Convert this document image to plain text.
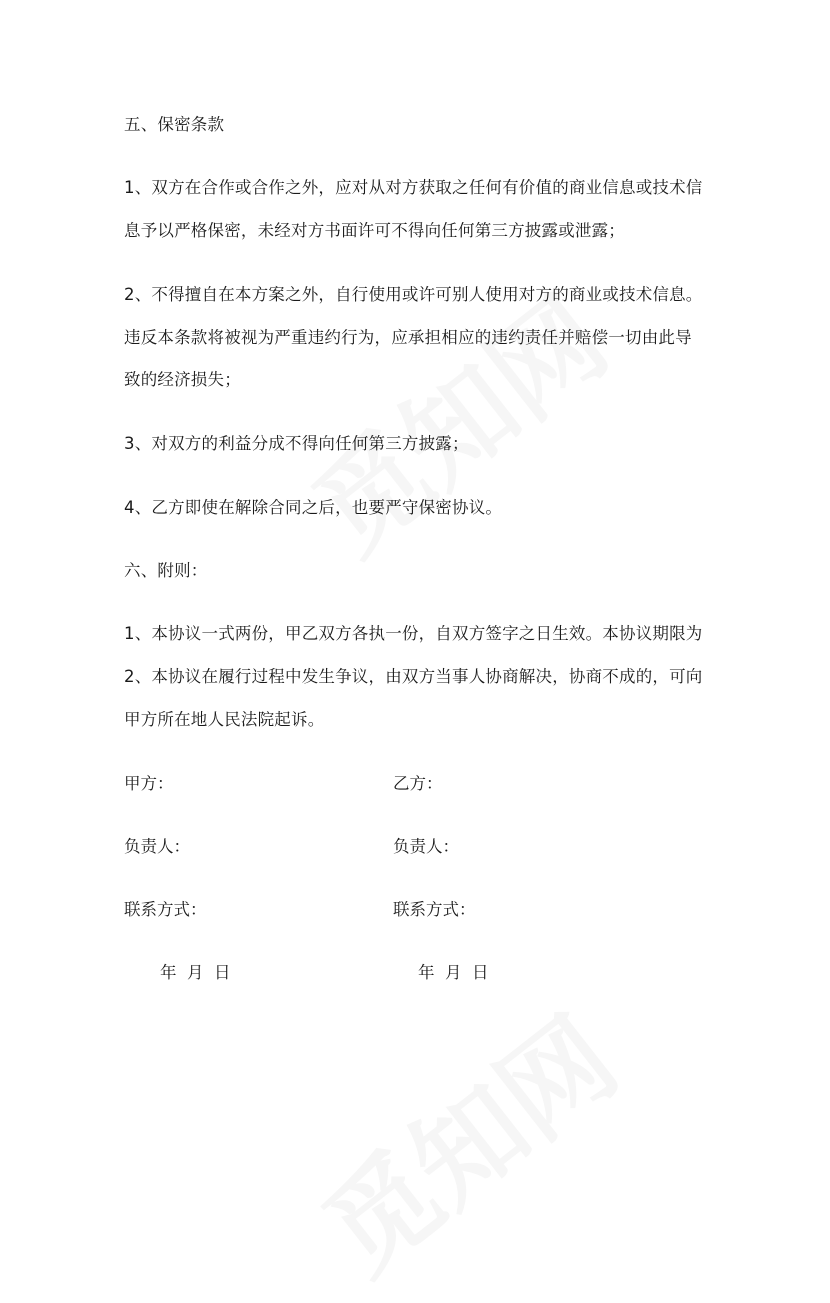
五、保密条款
1、双方在合作或合作之外，应对从对方获取之任何有价值的商业信息或技术信
息予以严格保密，未经对方书面许可不得向任何第三方披露或泄露；
2、不得擅自在本方案之外，自行使用或许可别人使用对方的商业或技术信息。
违反本条款将被视为严重违约行为，应承担相应的违约责任并赔偿一切由此导
致的经济损失；
3、对双方的利益分成不得向任何第三方披露；
4、乙方即使在解除合同之后，也要严守保密协议。
六、附则：
1、本协议一式两份，甲乙双方各执一份，自双方签字之日生效。本协议期限为
2、本协议在履行过程中发生争议，由双方当事人协商解决，协商不成的，可向
甲方所在地人民法院起诉。
甲方：	乙方：
负责人：	负责人：
联系方式：	联系方式：
年  月  日	年  月  日
